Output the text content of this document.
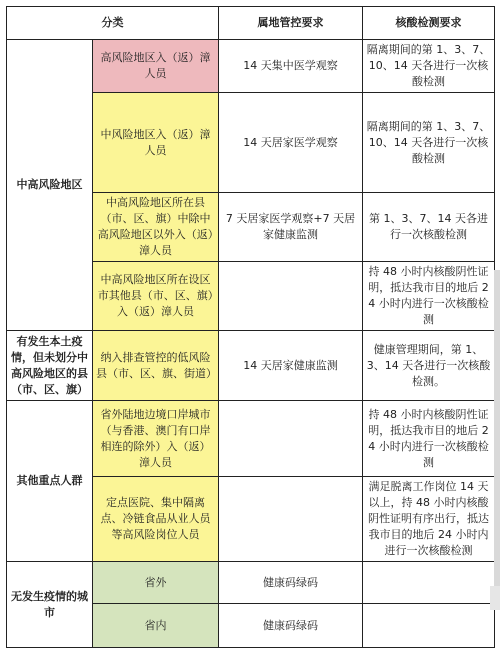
分类		属地管控要求	核酸检测要求
中高风险地区	高风险地区入（返）漳人员	14 天集中医学观察	隔离期间的第 1、3、7、10、14 天各进行一次核酸检测
	中风险地区入（返）漳人员	14 天居家医学观察	隔离期间的第 1、3、7、10、14 天各进行一次核酸检测
	中高风险地区所在县（市、区、旗）中除中高风险地区以外入（返）漳人员	7 天居家医学观察+7 天居家健康监测	第 1、3、7、14 天各进行一次核酸检测
	中高风险地区所在设区市其他县（市、区、旗）入（返）漳人员		持 48 小时内核酸阴性证明，抵达我市目的地后 24 小时内进行一次核酸检测
有发生本土疫情，但未划分中高风险地区的县（市、区、旗）	纳入排查管控的低风险县（市、区、旗、街道）	14 天居家健康监测	健康管理期间，第 1、3、14 天各进行一次核酸检测。
其他重点人群	省外陆地边境口岸城市（与香港、澳门有口岸相连的除外）入（返）漳人员		持 48 小时内核酸阴性证明，抵达我市目的地后 24 小时内进行一次核酸检测
	定点医院、集中隔离点、冷链食品从业人员等高风险岗位人员		满足脱离工作岗位 14 天以上，持 48 小时内核酸阴性证明有序出行，抵达我市目的地后 24 小时内进行一次核酸检测
无发生疫情的城市	省外	健康码绿码	
	省内	健康码绿码	
